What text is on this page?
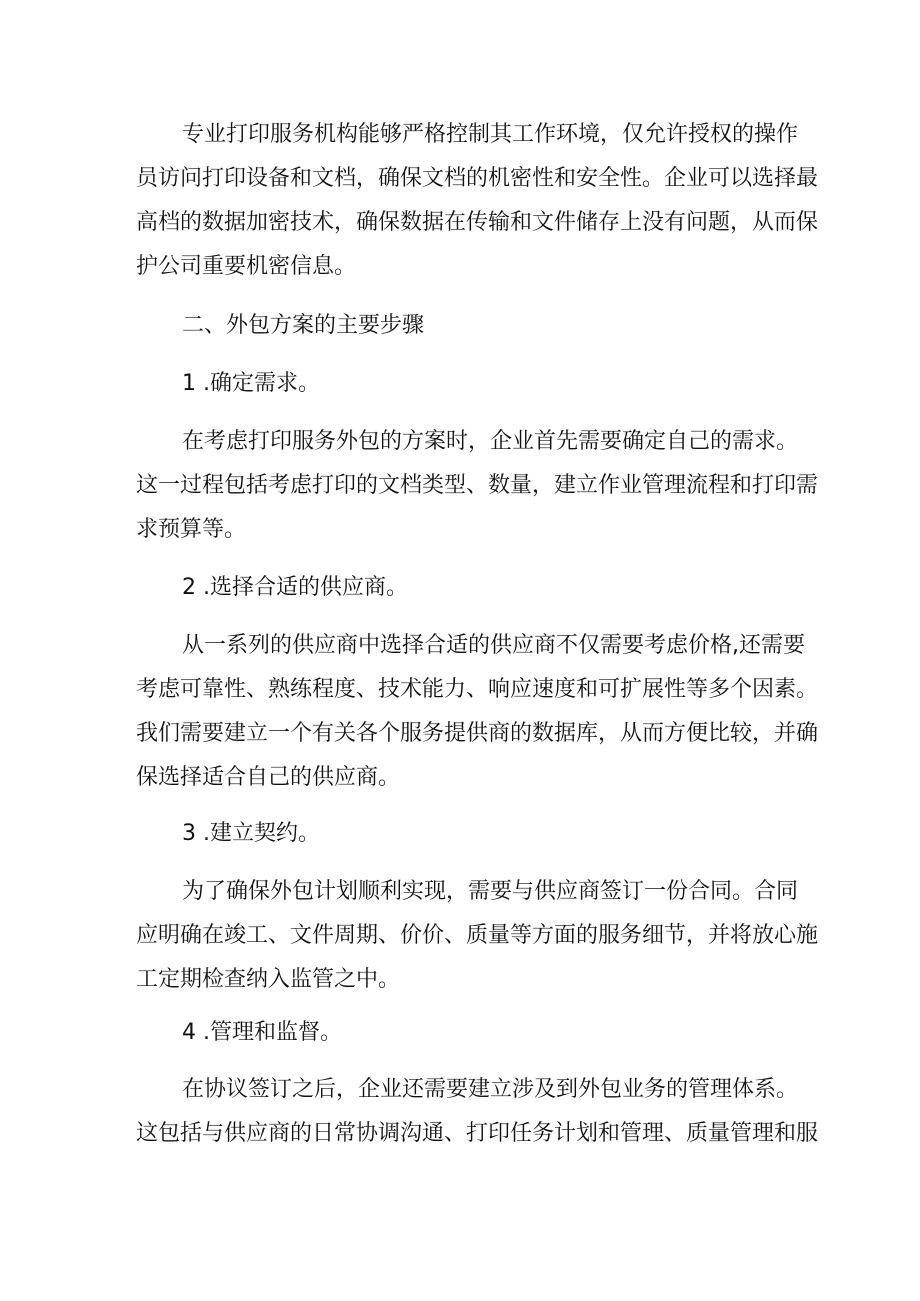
专业打印服务机构能够严格控制其工作环境，仅允许授权的操作
员访问打印设备和文档，确保文档的机密性和安全性。企业可以选择最
高档的数据加密技术，确保数据在传输和文件储存上没有问题，从而保
护公司重要机密信息。
二、外包方案的主要步骤
1 .确定需求。
在考虑打印服务外包的方案时，企业首先需要确定自己的需求。
这一过程包括考虑打印的文档类型、数量，建立作业管理流程和打印需
求预算等。
2 .选择合适的供应商。
从一系列的供应商中选择合适的供应商不仅需要考虑价格,还需要
考虑可靠性、熟练程度、技术能力、响应速度和可扩展性等多个因素。
我们需要建立一个有关各个服务提供商的数据库，从而方便比较，并确
保选择适合自己的供应商。
3 .建立契约。
为了确保外包计划顺利实现，需要与供应商签订一份合同。合同
应明确在竣工、文件周期、价价、质量等方面的服务细节，并将放心施
工定期检查纳入监管之中。
4 .管理和监督。
在协议签订之后，企业还需要建立涉及到外包业务的管理体系。
这包括与供应商的日常协调沟通、打印任务计划和管理、质量管理和服
